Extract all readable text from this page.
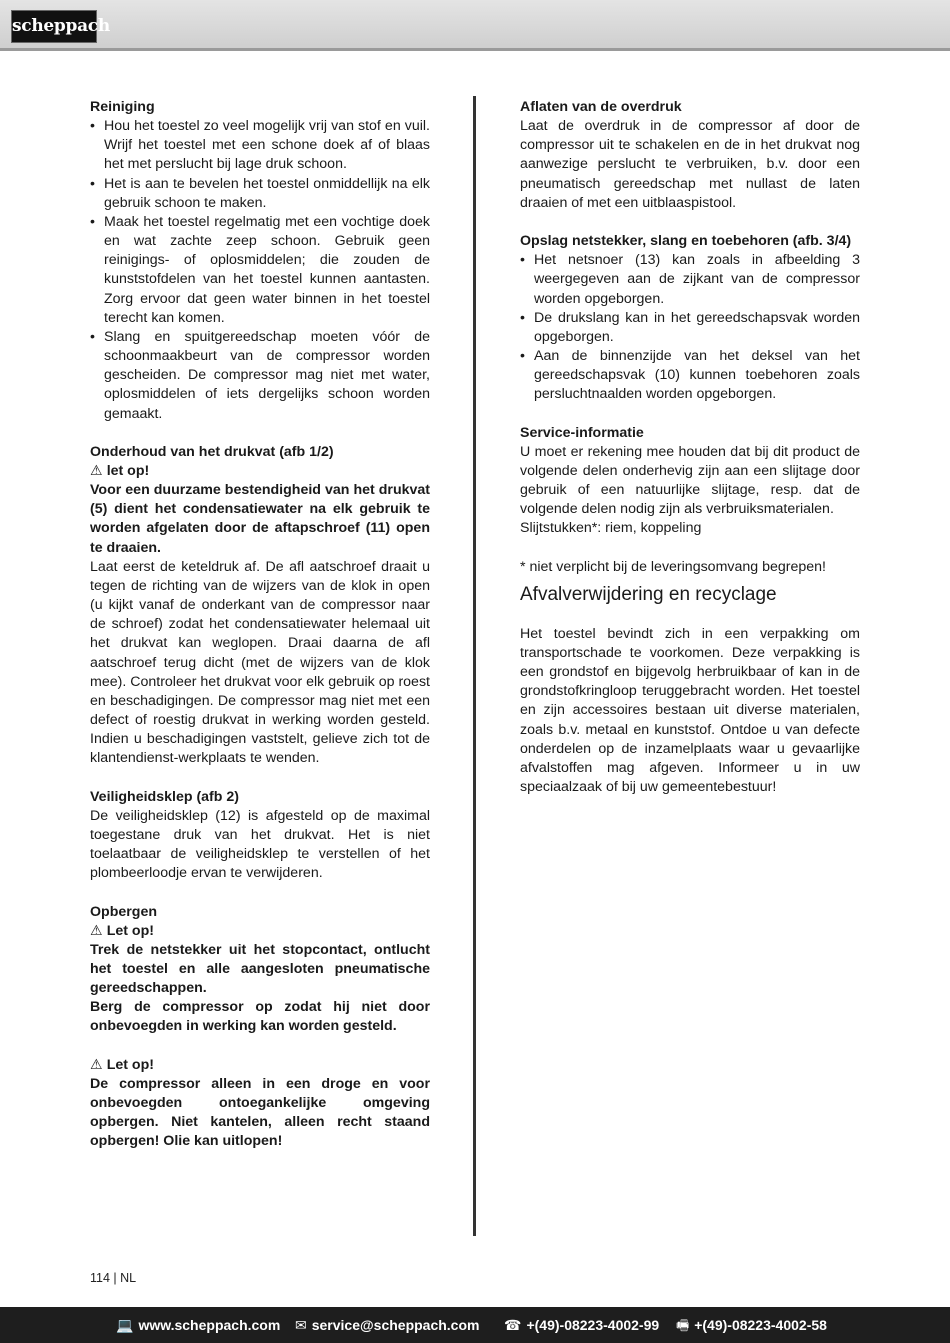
scheppach
Reiniging
• Hou het toestel zo veel mogelijk vrij van stof en vuil. Wrijf het toestel met een schone doek af of blaas het met perslucht bij lage druk schoon.
• Het is aan te bevelen het toestel onmiddellijk na elk gebruik schoon te maken.
• Maak het toestel regelmatig met een vochtige doek en wat zachte zeep schoon. Gebruik geen reinigings- of oplosmiddelen; die zouden de kunststofdelen van het toestel kunnen aantasten. Zorg ervoor dat geen water binnen in het toestel terecht kan komen.
• Slang en spuitgereedschap moeten vóór de schoonmaakbeurt van de compressor worden gescheiden. De compressor mag niet met water, oplosmiddelen of iets dergelijks schoon worden gemaakt.
Onderhoud van het drukvat (afb 1/2)

⚠ let op!

Voor een duurzame bestendigheid van het drukvat (5) dient het condensatiewater na elk gebruik te worden afgelaten door de aftapschroef (11) open te draaien.

Laat eerst de keteldruk af. De afl aatschroef draait u tegen de richting van de wijzers van de klok in open (u kijkt vanaf de onderkant van de compressor naar de schroef) zodat het condensatiewater helemaal uit het drukvat kan weglopen. Draai daarna de afl aatschroef terug dicht (met de wijzers van de klok mee). Controleer het drukvat voor elk gebruik op roest en beschadigingen. De compressor mag niet met een defect of roestig drukvat in werking worden gesteld. Indien u beschadigingen vaststelt, gelieve zich tot de klantendienst-werkplaats te wenden.

Veiligheidsklep (afb 2)

De veiligheidsklep (12) is afgesteld op de maximal toegestane druk van het drukvat. Het is niet toelaatbaar de veiligheidsklep te verstellen of het plombeerloodje ervan te verwijderen.

Opbergen

⚠ Let op!

Trek de netstekker uit het stopcontact, ontlucht het toestel en alle aangesloten pneumatische gereedschappen.

Berg de compressor op zodat hij niet door onbevoegden in werking kan worden gesteld.

⚠ Let op!

De compressor alleen in een droge en voor onbevoegden ontoegankelijke omgeving opbergen. Niet kantelen, alleen recht staand opbergen! Olie kan uitlopen!

Aflaten van de overdruk

Laat de overdruk in de compressor af door de compressor uit te schakelen en de in het drukvat nog aanwezige perslucht te verbruiken, b.v. door een pneumatisch gereedschap met nullast de laten draaien of met een uitblaaspistool.

Opslag netstekker, slang en toebehoren (afb. 3/4)
• Het netsnoer (13) kan zoals in afbeelding 3 weergegeven aan de zijkant van de compressor worden opgeborgen.
• De drukslang kan in het gereedschapsvak worden opgeborgen.
• Aan de binnenzijde van het deksel van het gereedschapsvak (10) kunnen toebehoren zoals persluchtnaalden worden opgeborgen.
Service-informatie

U moet er rekening mee houden dat bij dit product de volgende delen onderhevig zijn aan een slijtage door gebruik of een natuurlijke slijtage, resp. dat de volgende delen nodig zijn als verbruiksmaterialen.

Slijtstukken*: riem, koppeling

* niet verplicht bij de leveringsomvang begrepen!

Afvalverwijdering en recyclage

Het toestel bevindt zich in een verpakking om transportschade te voorkomen. Deze verpakking is een grondstof en bijgevolg herbruikbaar of kan in de grondstofkringloop teruggebracht worden. Het toestel en zijn accessoires bestaan uit diverse materialen, zoals b.v. metaal en kunststof. Ontdoe u van defecte onderdelen op de inzamelplaats waar u gevaarlijke afvalstoffen mag afgeven. Informeer u in uw speciaalzaak of bij uw gemeentebestuur!

114 | NL
💻 www.scheppach.com ✉ service@scheppach.com ☎ +(49)-08223-4002-99 🖷 +(49)-08223-4002-58
